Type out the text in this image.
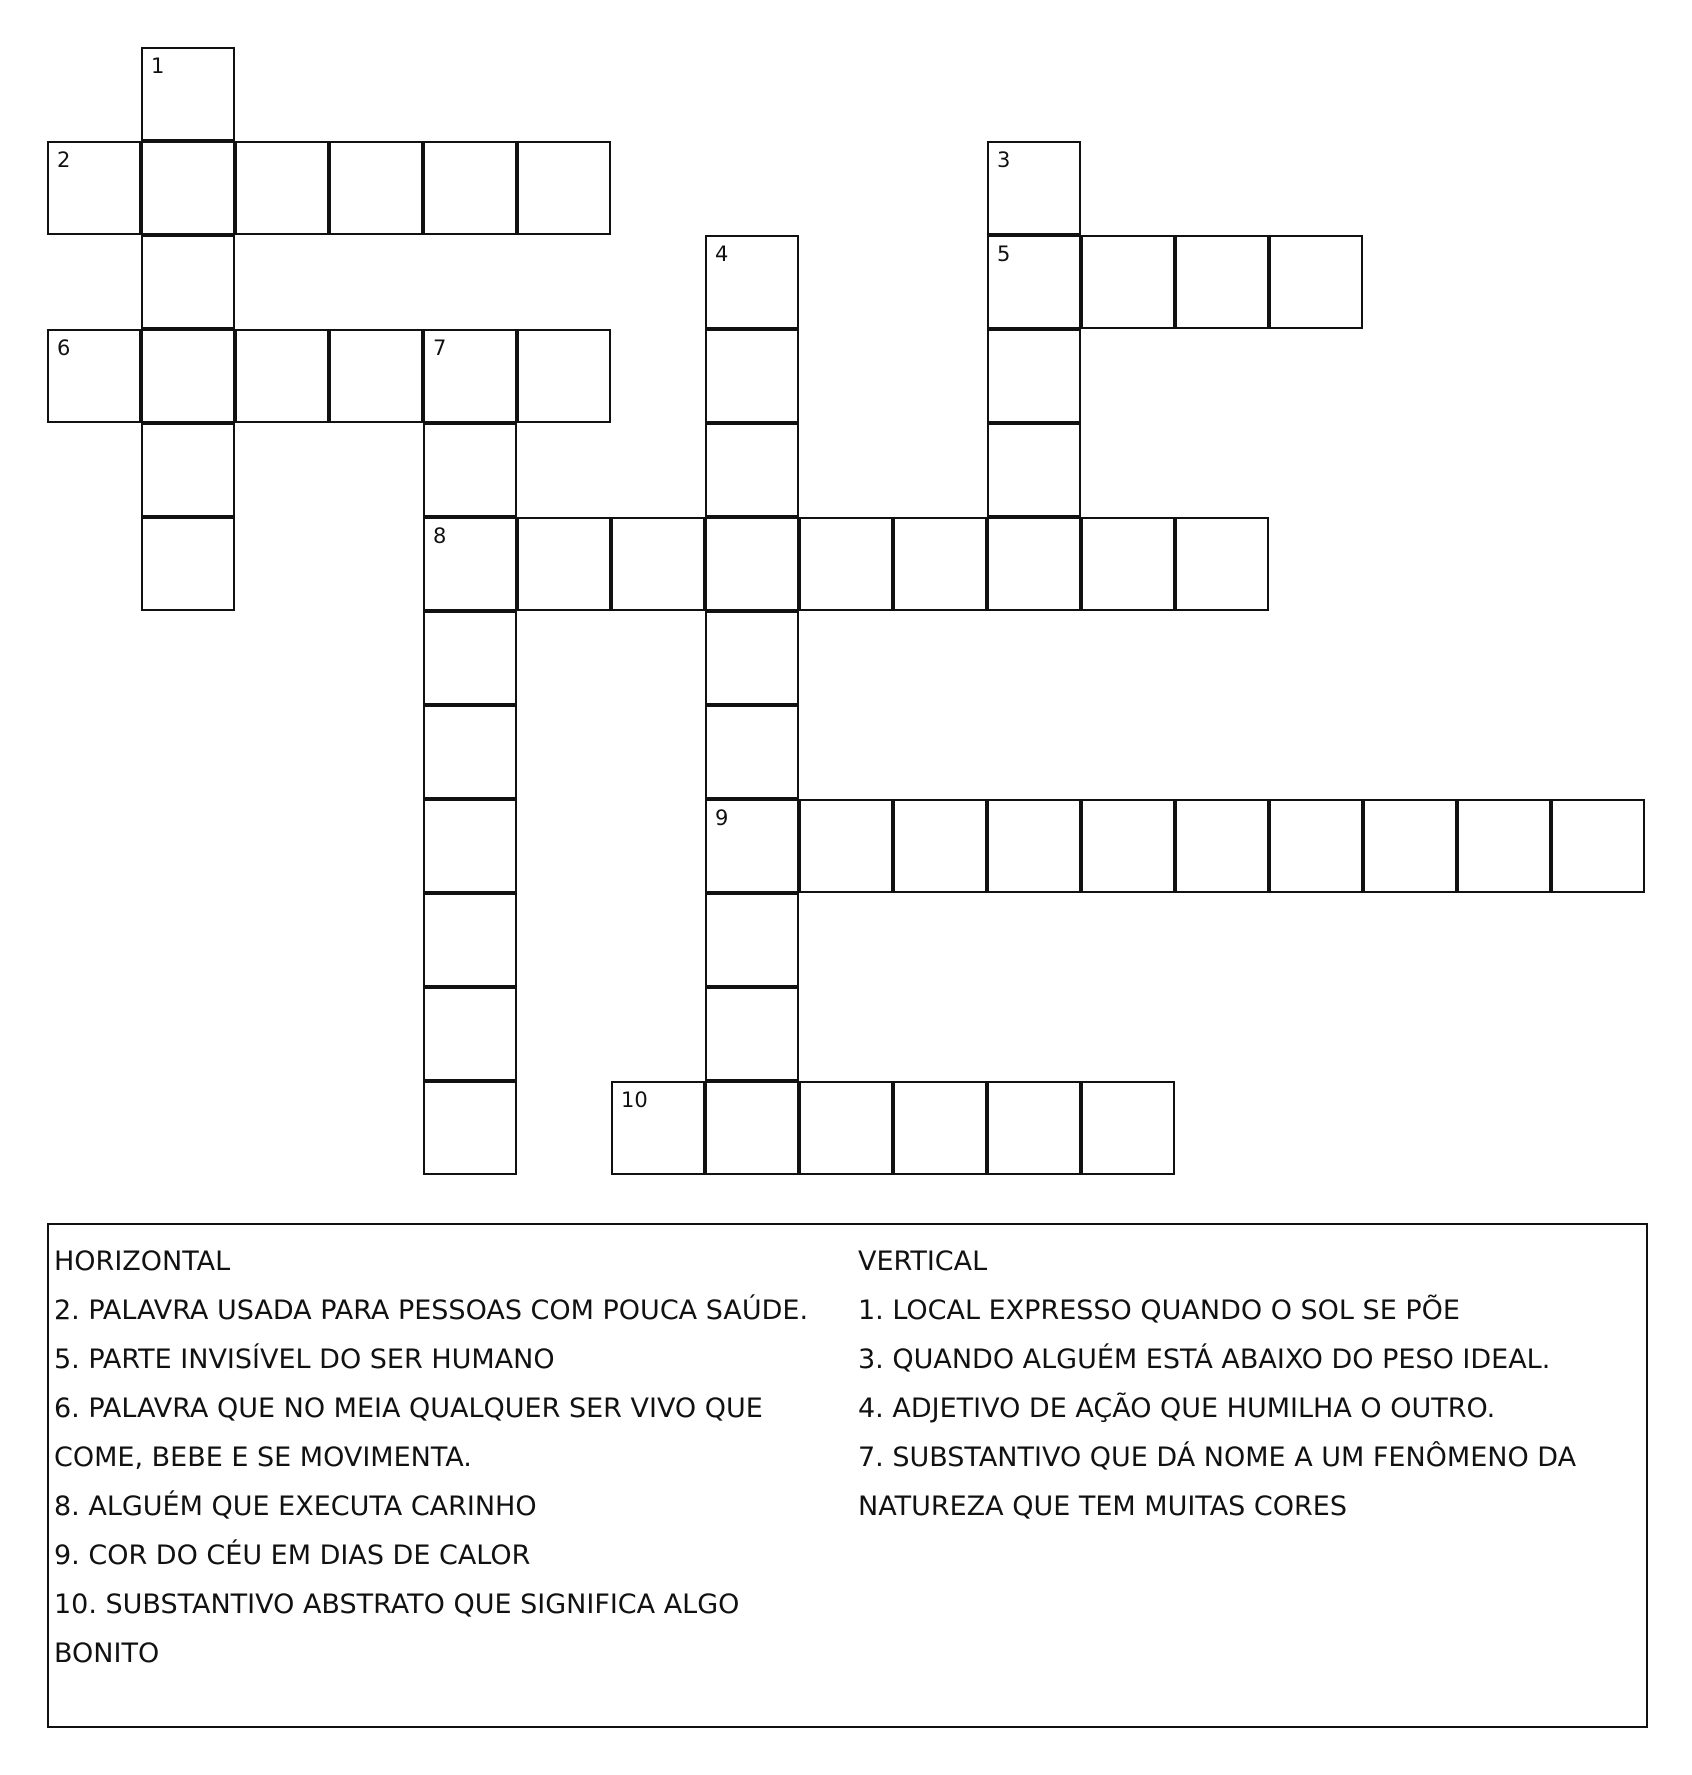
1
2	3
4	5
6	7
8
9
10
HORIZONTAL
2. PALAVRA USADA PARA PESSOAS COM POUCA SAÚDE.
5. PARTE INVISÍVEL DO SER HUMANO
6. PALAVRA QUE NO MEIA QUALQUER SER VIVO QUE
COME, BEBE E SE MOVIMENTA.
8. ALGUÉM QUE EXECUTA CARINHO
9. COR DO CÉU EM DIAS DE CALOR
10. SUBSTANTIVO ABSTRATO QUE SIGNIFICA ALGO
BONITO
VERTICAL
1. LOCAL EXPRESSO QUANDO O SOL SE PÕE
3. QUANDO ALGUÉM ESTÁ ABAIXO DO PESO IDEAL.
4. ADJETIVO DE AÇÃO QUE HUMILHA O OUTRO.
7. SUBSTANTIVO QUE DÁ NOME A UM FENÔMENO DA
NATUREZA QUE TEM MUITAS CORES
